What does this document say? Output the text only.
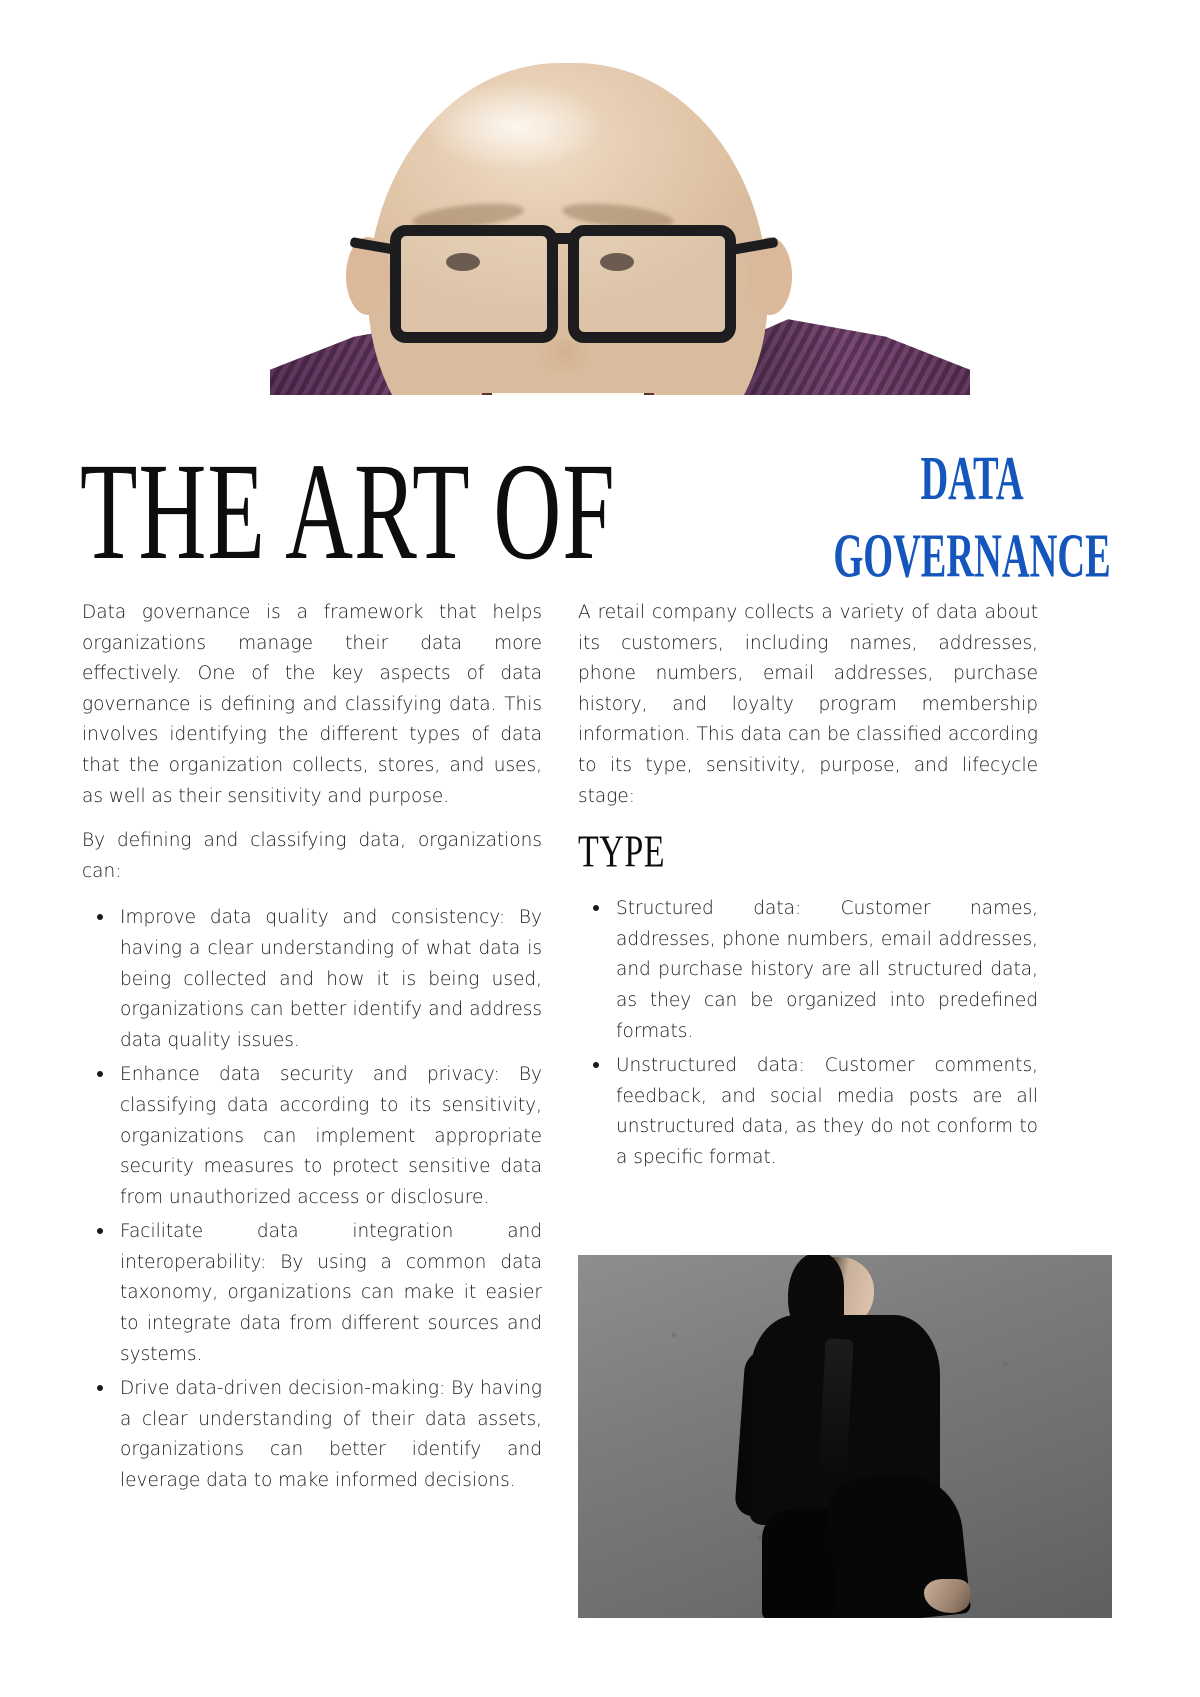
THE ART OF	DATA
GOVERNANCE

Data governance is a framework that helps organizations manage their data more effectively. One of the key aspects of data governance is defining and classifying data. This involves identifying the different types of data that the organization collects, stores, and uses, as well as their sensitivity and purpose.

By defining and classifying data, organizations can:

• Improve data quality and consistency: By having a clear understanding of what data is being collected and how it is being used, organizations can better identify and address data quality issues.
• Enhance data security and privacy: By classifying data according to its sensitivity, organizations can implement appropriate security measures to protect sensitive data from unauthorized access or disclosure.
• Facilitate data integration and interoperability: By using a common data taxonomy, organizations can make it easier to integrate data from different sources and systems.
• Drive data-driven decision-making: By having a clear understanding of their data assets, organizations can better identify and leverage data to make informed decisions.

A retail company collects a variety of data about its customers, including names, addresses, phone numbers, email addresses, purchase history, and loyalty program membership information. This data can be classified according to its type, sensitivity, purpose, and lifecycle stage:

TYPE
• Structured data: Customer names, addresses, phone numbers, email addresses, and purchase history are all structured data, as they can be organized into predefined formats.
• Unstructured data: Customer comments, feedback, and social media posts are all unstructured data, as they do not conform to a specific format.
